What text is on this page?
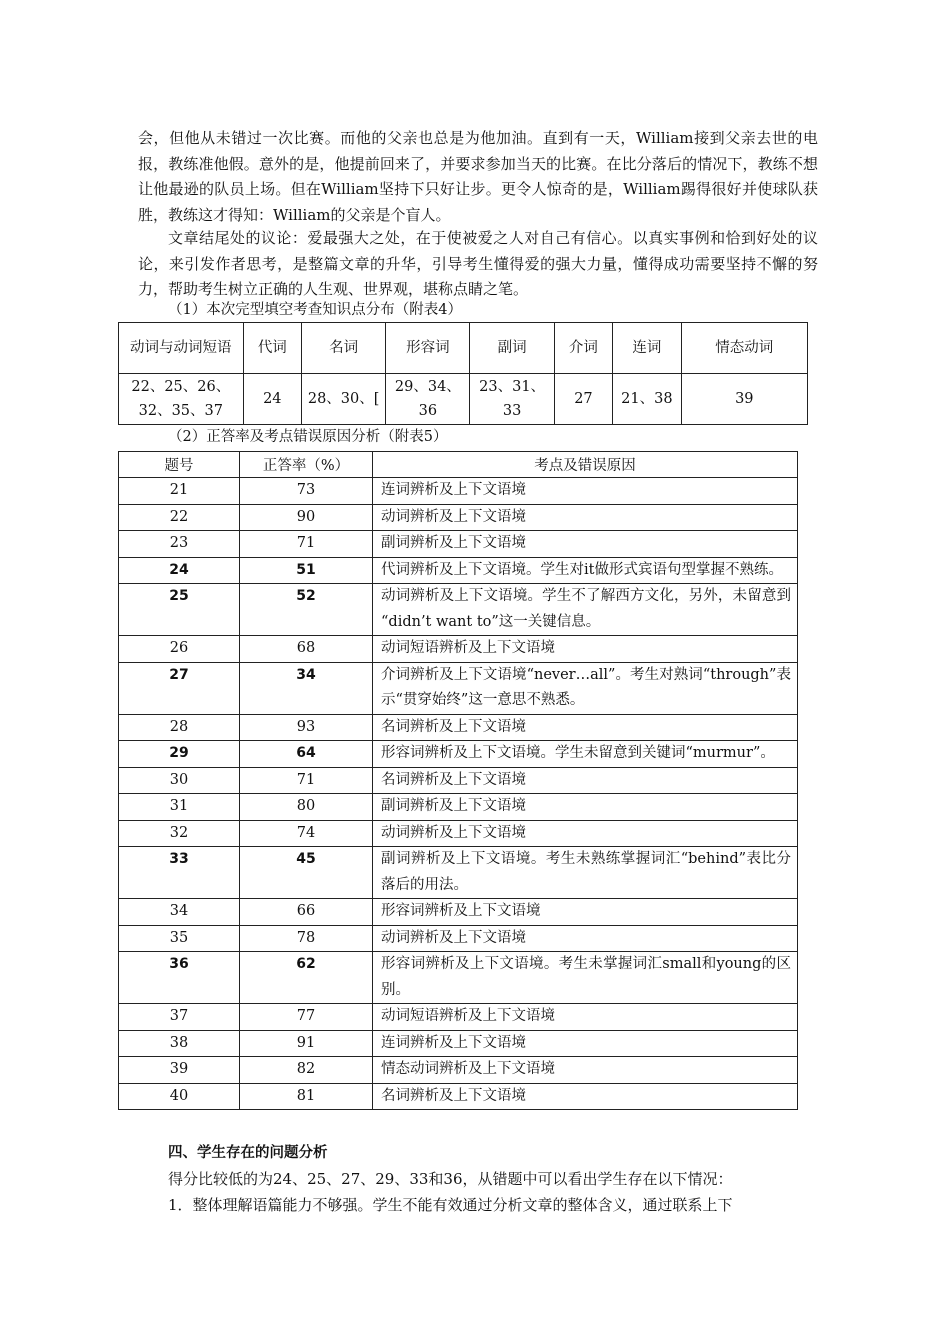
会，但他从未错过一次比赛。而他的父亲也总是为他加油。直到有一天，William接到父亲去世的电报，教练准他假。意外的是，他提前回来了，并要求参加当天的比赛。在比分落后的情况下，教练不想让他最逊的队员上场。但在William坚持下只好让步。更令人惊奇的是，William踢得很好并使球队获胜，教练这才得知：William的父亲是个盲人。

文章结尾处的议论：爱最强大之处，在于使被爱之人对自己有信心。以真实事例和恰到好处的议论，来引发作者思考，是整篇文章的升华，引导考生懂得爱的强大力量，懂得成功需要坚持不懈的努力，帮助考生树立正确的人生观、世界观，堪称点睛之笔。

（1）本次完型填空考查知识点分布（附表4）

动词与动词短语	代词	名词	形容词	副词	介词	连词	情态动词
22、25、26、32、35、37	24	28、30、[	29、34、36	23、31、33	27	21、38	39

（2）正答率及考点错误原因分析（附表5）

题号	正答率（%）	考点及错误原因
21	73	连词辨析及上下文语境
22	90	动词辨析及上下文语境
23	71	副词辨析及上下文语境
24	51	代词辨析及上下文语境。学生对it做形式宾语句型掌握不熟练。
25	52	动词辨析及上下文语境。学生不了解西方文化，另外，未留意到 “didn’t want to”这一关键信息。
26	68	动词短语辨析及上下文语境
27	34	介词辨析及上下文语境“never…all”。考生对熟词“through”表示“贯穿始终”这一意思不熟悉。
28	93	名词辨析及上下文语境
29	64	形容词辨析及上下文语境。学生未留意到关键词“murmur”。
30	71	名词辨析及上下文语境
31	80	副词辨析及上下文语境
32	74	动词辨析及上下文语境
33	45	副词辨析及上下文语境。考生未熟练掌握词汇“behind”表比分落后的用法。
34	66	形容词辨析及上下文语境
35	78	动词辨析及上下文语境
36	62	形容词辨析及上下文语境。考生未掌握词汇small和young的区别。
37	77	动词短语辨析及上下文语境
38	91	连词辨析及上下文语境
39	82	情态动词辨析及上下文语境
40	81	名词辨析及上下文语境

四、学生存在的问题分析

得分比较低的为24、25、27、29、33和36，从错题中可以看出学生存在以下情况：

1．整体理解语篇能力不够强。学生不能有效通过分析文章的整体含义，通过联系上下
